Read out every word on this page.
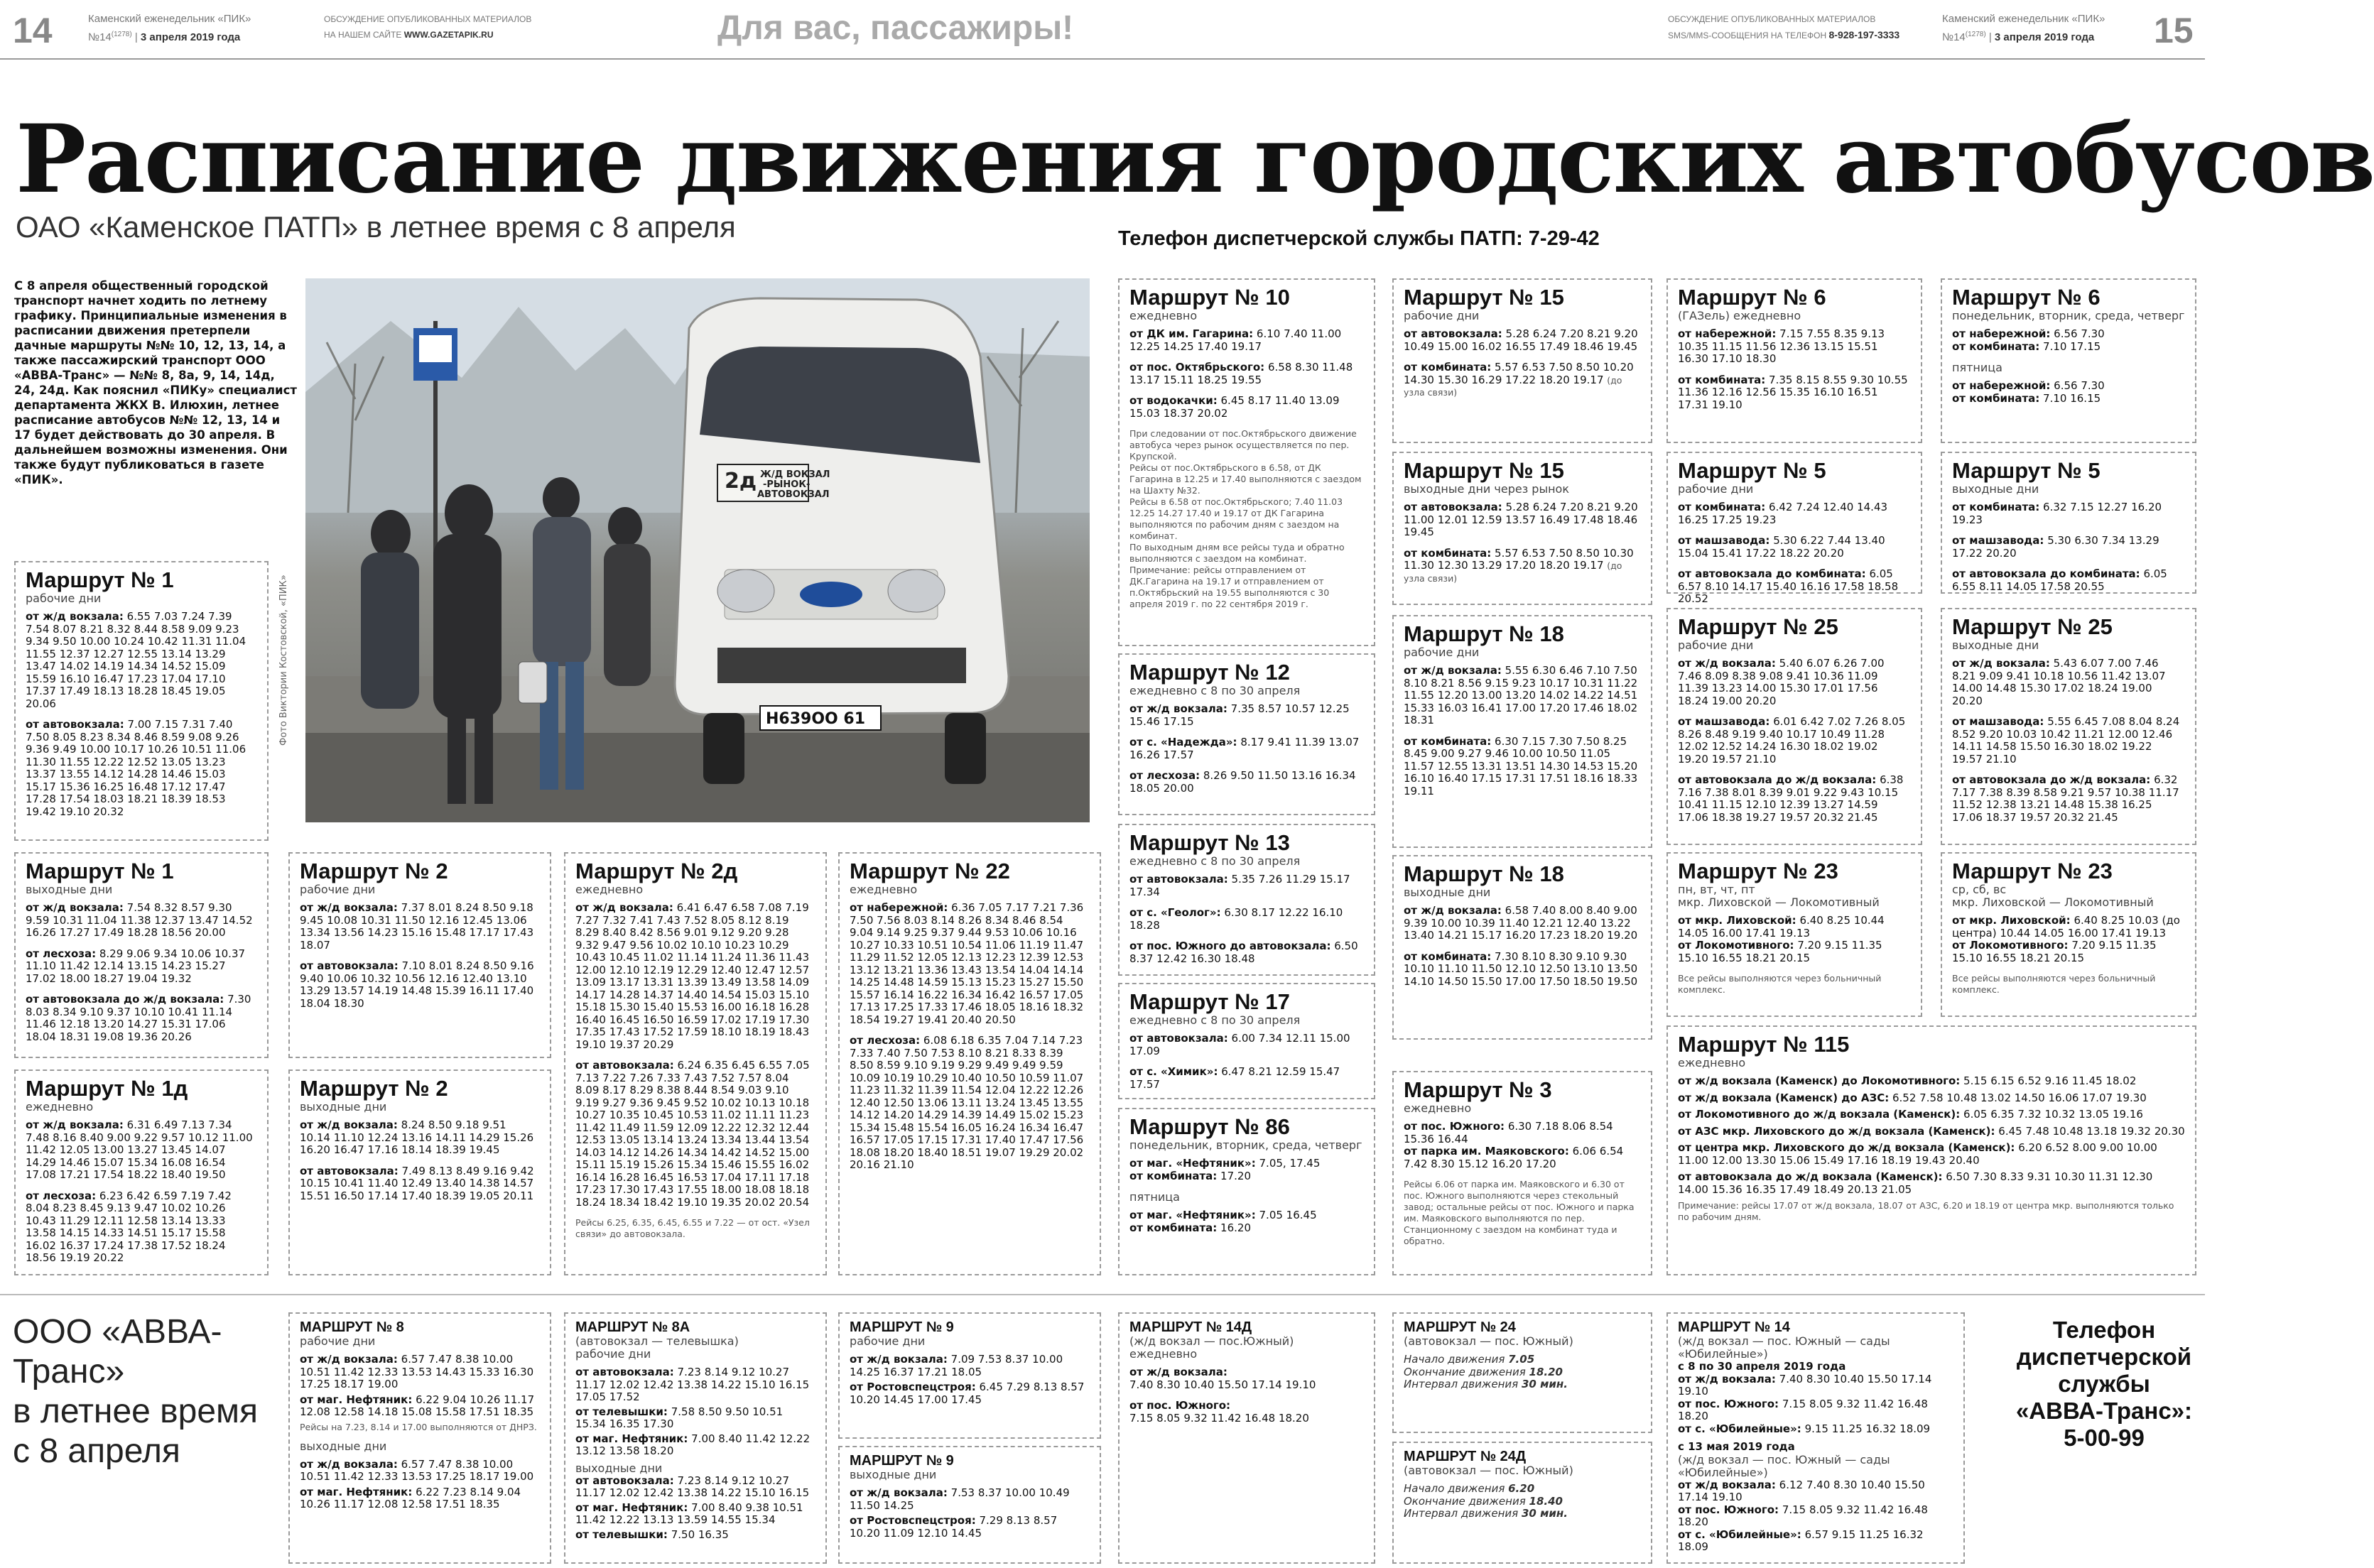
14	Каменский еженедельник «ПИК»
$№14^{(1278)}$ | 3 апреля 2019 года
ОБСУЖДЕНИЕ ОПУБЛИКОВАННЫХ МАТЕРИАЛОВ
НА НАШЕМ САЙТЕ WWW.GAZETAPIK.RU	Для вас, пассажиры!	ОБСУЖДЕНИЕ ОПУБЛИКОВАННЫХ МАТЕРИАЛОВ
SMS/MMS-СООБЩЕНИЯ НА ТЕЛЕФОН 8-928-197-3333
Каменский еженедельник «ПИК»
$№14^{(1278)}$ | 3 апреля 2019 года	15
Расписание движения городских автобусов
ОАО «Каменское ПАТП» в летнее время с 8 апреля	Телефон диспетчерской службы ПАТП: 7-29-42
С 8 апреля общественный городской транспорт начнет ходить по летнему графику. Принципиальные изменения в расписании движения претерпели дачные маршруты №№ 10, 12, 13, 14, а также пассажирский транспорт ООО «АВВА-Транс» — №№ 8, 8а, 9, 14, 14д, 24, 24д. Как пояснил «ПИКу» специалист департамента ЖКХ В. Илюхин, летнее расписание автобусов №№ 12, 13, 14 и 17 будет действовать до 30 апреля. В дальнейшем возможны изменения. Они также будут публиковаться в газете «ПИК».	2д Ж/Д ВОКЗАЛ
-РЫНОК-
АВТОВОКЗАЛ
Н639ОО 61
Фото Виктории Костовской, «ПИК»
Маршрут № 1
рабочие дни

от ж/д вокзала: 6.55 7.03 7.24 7.39 7.54 8.07 8.21 8.32 8.44 8.58 9.09 9.23 9.34 9.50 10.00 10.24 10.42 11.31 11.04 11.55 12.37 12.27 12.55 13.14 13.29 13.47 14.02 14.19 14.34 14.52 15.09 15.59 16.10 16.47 17.23 17.04 17.10 17.37 17.49 18.13 18.28 18.45 19.05 20.06

от автовокзала: 7.00 7.15 7.31 7.40 7.50 8.05 8.23 8.34 8.46 8.59 9.08 9.26 9.36 9.49 10.00 10.17 10.26 10.51 11.06 11.30 11.55 12.22 12.52 13.05 13.23 13.37 13.55 14.12 14.28 14.46 15.03 15.17 15.36 16.25 16.48 17.12 17.47 17.28 17.54 18.03 18.21 18.39 18.53 19.42 19.10 20.32

Маршрут № 1
выходные дни

от ж/д вокзала: 7.54 8.32 8.57 9.30 9.59 10.31 11.04 11.38 12.37 13.47 14.52 16.26 17.27 17.49 18.28 18.56 20.00

от лесхоза: 8.29 9.06 9.34 10.06 10.37 11.10 11.42 12.14 13.15 14.23 15.27 17.02 18.00 18.27 19.04 19.32

от автовокзала до ж/д вокзала: 7.30 8.03 8.34 9.10 9.37 10.10 10.41 11.14 11.46 12.18 13.20 14.27 15.31 17.06 18.04 18.31 19.08 19.36 20.26

Маршрут № 1д
ежедневно

от ж/д вокзала: 6.31 6.49 7.13 7.34 7.48 8.16 8.40 9.00 9.22 9.57 10.12 11.00 11.42 12.05 13.00 13.27 13.45 14.07 14.29 14.46 15.07 15.34 16.08 16.54 17.08 17.21 17.54 18.22 18.40 19.50

от лесхоза: 6.23 6.42 6.59 7.19 7.42 8.04 8.23 8.45 9.13 9.47 10.02 10.26 10.43 11.29 12.11 12.58 13.14 13.33 13.58 14.15 14.33 14.51 15.17 15.58 16.02 16.37 17.24 17.38 17.52 18.24 18.56 19.19 20.22

Маршрут № 2
рабочие дни

от ж/д вокзала: 7.37 8.01 8.24 8.50 9.18 9.45 10.08 10.31 11.50 12.16 12.45 13.06 13.34 13.56 14.23 15.16 15.48 17.17 17.43 18.07

от автовокзала: 7.10 8.01 8.24 8.50 9.16 9.40 10.06 10.32 10.56 12.16 12.40 13.10 13.29 13.57 14.19 14.48 15.39 16.11 17.40 18.04 18.30

Маршрут № 2
выходные дни

от ж/д вокзала: 8.24 8.50 9.18 9.51 10.14 11.10 12.24 13.16 14.11 14.29 15.26 16.20 16.47 17.16 18.14 18.39 19.45

от автовокзала: 7.49 8.13 8.49 9.16 9.42 10.15 10.41 11.40 12.49 13.40 14.38 14.57 15.51 16.50 17.14 17.40 18.39 19.05 20.11

Маршрут № 2д
ежедневно

от ж/д вокзала: 6.41 6.47 6.58 7.08 7.19 7.27 7.32 7.41 7.43 7.52 8.05 8.12 8.19 8.29 8.40 8.42 8.56 9.01 9.12 9.20 9.28 9.32 9.47 9.56 10.02 10.10 10.23 10.29 10.43 10.45 11.02 11.14 11.24 11.36 11.43 12.00 12.10 12.19 12.29 12.40 12.47 12.57 13.09 13.17 13.31 13.39 13.49 13.58 14.09 14.17 14.28 14.37 14.40 14.54 15.03 15.10 15.18 15.30 15.40 15.53 16.00 16.18 16.28 16.40 16.45 16.50 16.59 17.02 17.19 17.30 17.35 17.43 17.52 17.59 18.10 18.19 18.43 19.10 19.37 20.29

от автовокзала: 6.24 6.35 6.45 6.55 7.05 7.13 7.22 7.26 7.33 7.43 7.52 7.57 8.04 8.09 8.17 8.29 8.38 8.44 8.54 9.03 9.10 9.19 9.27 9.36 9.45 9.52 10.02 10.13 10.18 10.27 10.35 10.45 10.53 11.02 11.11 11.23 11.42 11.49 11.59 12.09 12.22 12.32 12.44 12.53 13.05 13.14 13.24 13.34 13.44 13.54 14.03 14.12 14.26 14.34 14.42 14.52 15.00 15.11 15.19 15.26 15.34 15.46 15.55 16.02 16.14 16.28 16.45 16.53 17.04 17.11 17.18 17.23 17.30 17.43 17.55 18.00 18.08 18.18 18.24 18.34 18.42 19.10 19.35 20.02 20.54

Рейсы 6.25, 6.35, 6.45, 6.55 и 7.22 — от ост. «Узел связи» до автовокзала.

Маршрут № 22
ежедневно

от набережной: 6.36 7.05 7.17 7.21 7.36 7.50 7.56 8.03 8.14 8.26 8.34 8.46 8.54 9.04 9.14 9.25 9.37 9.44 9.53 10.06 10.16 10.27 10.33 10.51 10.54 11.06 11.19 11.47 11.29 11.52 12.05 12.13 12.23 12.39 12.53 13.12 13.21 13.36 13.43 13.54 14.04 14.14 14.25 14.48 14.59 15.13 15.23 15.27 15.50 15.57 16.14 16.22 16.34 16.42 16.57 17.05 17.13 17.25 17.33 17.46 18.05 18.16 18.32 18.54 19.27 19.41 20.40 20.50

от лесхоза: 6.08 6.18 6.35 7.04 7.14 7.23 7.33 7.40 7.50 7.53 8.10 8.21 8.33 8.39 8.50 8.59 9.10 9.19 9.29 9.49 9.49 9.59 10.09 10.19 10.29 10.40 10.50 10.59 11.07 11.23 11.32 11.39 11.54 12.04 12.22 12.26 12.40 12.50 13.06 13.11 13.24 13.45 13.55 14.12 14.20 14.29 14.39 14.49 15.02 15.23 15.34 15.48 15.54 16.05 16.24 16.34 16.47 16.57 17.05 17.15 17.31 17.40 17.47 17.56 18.08 18.20 18.40 18.51 19.07 19.29 20.02 20.16 21.10

Маршрут № 10
ежедневно

от ДК им. Гагарина: 6.10 7.40 11.00 12.25 14.25 17.40 19.17

от пос. Октябрьского: 6.58 8.30 11.48 13.17 15.11 18.25 19.55

от водокачки: 6.45 8.17 11.40 13.09 15.03 18.37 20.02

При следовании от пос.Октябрьского движение автобуса через рынок осуществляется по пер. Крупской.
Рейсы от пос.Октябрьского в 6.58, от ДК Гагарина в 12.25 и 17.40 выполняются с заездом на Шахту №32.
Рейсы в 6.58 от пос.Октябрьского; 7.40 11.03 12.25 14.27 17.40 и 19.17 от ДК Гагарина выполняются по рабочим дням с заездом на комбинат.
По выходным дням все рейсы туда и обратно выполняются с заездом на комбинат.
Примечание: рейсы отправлением от ДК.Гагарина на 19.17 и отправлением от п.Октябрьский на 19.55 выполняются с 30 апреля 2019 г. по 22 сентября 2019 г.
Маршрут № 12
ежедневно с 8 по 30 апреля

от ж/д вокзала: 7.35 8.57 10.57 12.25 15.46 17.15

от с. «Надежда»: 8.17 9.41 11.39 13.07 16.26 17.57

от лесхоза: 8.26 9.50 11.50 13.16 16.34 18.05 20.00

Маршрут № 13
ежедневно с 8 по 30 апреля

от автовокзала: 5.35 7.26 11.29 15.17 17.34

от с. «Геолог»: 6.30 8.17 12.22 16.10 18.28

от пос. Южного до автовокзала: 6.50 8.37 12.42 16.30 18.48

Маршрут № 17
ежедневно с 8 по 30 апреля

от автовокзала: 6.00 7.34 12.11 15.00 17.09

от с. «Химик»: 6.47 8.21 12.59 15.47 17.57

Маршрут № 86
понедельник, вторник, среда, четверг

от маг. «Нефтяник»: 7.05, 17.45
от комбината: 17.20

пятница

от маг. «Нефтяник»: 7.05 16.45
от комбината: 16.20

Маршрут № 15
рабочие дни

от автовокзала: 5.28 6.24 7.20 8.21 9.20 10.49 15.00 16.02 16.55 17.49 18.46 19.45

от комбината: 5.57 6.53 7.50 8.50 10.20 14.30 15.30 16.29 17.22 18.20 19.17 (до узла связи)

Маршрут № 15
выходные дни через рынок

от автовокзала: 5.28 6.24 7.20 8.21 9.20 11.00 12.01 12.59 13.57 16.49 17.48 18.46 19.45

от комбината: 5.57 6.53 7.50 8.50 10.30 11.30 12.30 13.29 17.20 18.20 19.17 (до узла связи)

Маршрут № 18
рабочие дни

от ж/д вокзала: 5.55 6.30 6.46 7.10 7.50 8.10 8.21 8.56 9.15 9.23 10.17 10.31 11.22 11.55 12.20 13.00 13.20 14.02 14.22 14.51 15.33 16.03 16.41 17.00 17.20 17.46 18.02 18.31

от комбината: 6.30 7.15 7.30 7.50 8.25 8.45 9.00 9.27 9.46 10.00 10.50 11.05 11.57 12.55 13.31 13.51 14.30 14.53 15.20 16.10 16.40 17.15 17.31 17.51 18.16 18.33 19.11

Маршрут № 18
выходные дни

от ж/д вокзала: 6.58 7.40 8.00 8.40 9.00 9.39 10.00 10.39 11.40 12.21 12.40 13.22 13.40 14.21 15.17 16.20 17.23 18.20 19.20

от комбината: 7.30 8.10 8.30 9.10 9.30 10.10 11.10 11.50 12.10 12.50 13.10 13.50 14.10 14.50 15.50 17.00 17.50 18.50 19.50

Маршрут № 3
ежедневно

от пос. Южного: 6.30 7.18 8.06 8.54 15.36 16.44
от парка им. Маяковского: 6.06 6.54 7.42 8.30 15.12 16.20 17.20

Рейсы 6.06 от парка им. Маяковского и 6.30 от пос. Южного выполняются через стекольный завод; остальные рейсы от пос. Южного и парка им. Маяковского выполняются по пер. Станционному с заездом на комбинат туда и обратно.
Маршрут № 6
(ГАЗель) ежедневно

от набережной: 7.15 7.55 8.35 9.13 10.35 11.15 11.56 12.36 13.15 15.51 16.30 17.10 18.30

от комбината: 7.35 8.15 8.55 9.30 10.55 11.36 12.16 12.56 15.35 16.10 16.51 17.31 19.10

Маршрут № 5
рабочие дни

от комбината: 6.42 7.24 12.40 14.43 16.25 17.25 19.23

от машзавода: 5.30 6.22 7.44 13.40 15.04 15.41 17.22 18.22 20.20

от автовокзала до комбината: 6.05 6.57 8.10 14.17 15.40 16.16 17.58 18.58 20.52

Маршрут № 25
рабочие дни

от ж/д вокзала: 5.40 6.07 6.26 7.00 7.46 8.09 8.38 9.08 9.41 10.36 11.09 11.39 13.23 14.00 15.30 17.01 17.56 18.24 19.00 20.20

от машзавода: 6.01 6.42 7.02 7.26 8.05 8.26 8.48 9.19 9.40 10.17 10.49 11.28 12.02 12.52 14.24 16.30 18.02 19.02 19.20 19.57 21.10

от автовокзала до ж/д вокзала: 6.38 7.16 7.38 8.01 8.39 9.01 9.22 9.43 10.15 10.41 11.15 12.10 12.39 13.27 14.59 17.06 18.38 19.27 19.57 20.32 21.45

Маршрут № 23
пн, вт, чт, пт
мкр. Лиховской — Локомотивный

от мкр. Лиховской: 6.40 8.25 10.44 14.05 16.00 17.41 19.13
от Локомотивного: 7.20 9.15 11.35 15.10 16.55 18.21 20.15

Все рейсы выполняются через больничный комплекс.
Маршрут № 6
понедельник, вторник, среда, четверг

от набережной: 6.56 7.30
от комбината: 7.10 17.15

пятница

от набережной: 6.56 7.30
от комбината: 7.10 16.15

Маршрут № 5
выходные дни

от комбината: 6.32 7.15 12.27 16.20 19.23

от машзавода: 5.30 6.30 7.34 13.29 17.22 20.20

от автовокзала до комбината: 6.05 6.55 8.11 14.05 17.58 20.55

Маршрут № 25
выходные дни

от ж/д вокзала: 5.43 6.07 7.00 7.46 8.21 9.09 9.41 10.18 10.56 11.42 13.07 14.00 14.48 15.30 17.02 18.24 19.00 20.20

от машзавода: 5.55 6.45 7.08 8.04 8.24 8.52 9.20 10.03 10.42 11.21 12.00 12.46 14.11 14.58 15.50 16.30 18.02 19.22 19.57 21.10

от автовокзала до ж/д вокзала: 6.32 7.17 7.38 8.39 8.58 9.21 9.57 10.38 11.17 11.52 12.38 13.21 14.48 15.38 16.25 17.06 18.37 19.57 20.32 21.45

Маршрут № 23
ср, сб, вс
мкр. Лиховской — Локомотивный

от мкр. Лиховской: 6.40 8.25 10.03 (до центра) 10.44 14.05 16.00 17.41 19.13
от Локомотивного: 7.20 9.15 11.35 15.10 16.55 18.21 20.15

Все рейсы выполняются через больничный комплекс.
Маршрут № 115
ежедневно

от ж/д вокзала (Каменск) до Локомотивного: 5.15 6.15 6.52 9.16 11.45 18.02

от ж/д вокзала (Каменск) до АЗС: 6.52 7.58 10.48 13.02 14.50 16.06 17.07 19.30

от Локомотивного до ж/д вокзала (Каменск): 6.05 6.35 7.32 10.32 13.05 19.16

от АЗС мкр. Лиховского до ж/д вокзала (Каменск): 6.45 7.48 10.48 13.18 19.32 20.30

от центра мкр. Лиховского до ж/д вокзала (Каменск): 6.20 6.52 8.00 9.00 10.00 11.00 12.00 13.30 15.06 15.49 17.16 18.19 19.43 20.40

от автовокзала до ж/д вокзала (Каменск): 6.50 7.30 8.33 9.31 10.30 11.31 12.30 14.00 15.36 16.35 17.49 18.49 20.13 21.05

Примечание: рейсы 17.07 от ж/д вокзала, 18.07 от АЗС, 6.20 и 18.19 от центра мкр. выполняются только по рабочим дням.
ООО «АВВА-
Транс»
в летнее время
с 8 апреля
МАРШРУТ № 8
рабочие дни

от ж/д вокзала: 6.57 7.47 8.38 10.00 10.51 11.42 12.33 13.53 14.43 15.33 16.30 17.25 18.17 19.00

от маг. Нефтяник: 6.22 9.04 10.26 11.17 12.08 12.58 14.18 15.08 15.58 17.51 18.35

Рейсы на 7.23, 8.14 и 17.00 выполняются от ДНРЗ.
выходные дни

от ж/д вокзала: 6.57 7.47 8.38 10.00 10.51 11.42 12.33 13.53 17.25 18.17 19.00

от маг. Нефтяник: 6.22 7.23 8.14 9.04 10.26 11.17 12.08 12.58 17.51 18.35

МАРШРУТ № 8А
(автовокзал — телевышка)
рабочие дни

от автовокзала: 7.23 8.14 9.12 10.27 11.17 12.02 12.42 13.38 14.22 15.10 16.15 17.05 17.52

от телевышки: 7.58 8.50 9.50 10.51 15.34 16.35 17.30

от маг. Нефтяник: 7.00 8.40 11.42 12.22 13.12 13.58 18.20

выходные дни

от автовокзала: 7.23 8.14 9.12 10.27 11.17 12.02 12.42 13.38 14.22 15.10 16.15

от маг. Нефтяник: 7.00 8.40 9.38 10.51 11.42 12.22 13.13 13.59 14.55 15.34

от телевышки: 7.50 16.35

МАРШРУТ № 9
рабочие дни

от ж/д вокзала: 7.09 7.53 8.37 10.00 14.25 16.37 17.21 18.05

от Ростовспецстроя: 6.45 7.29 8.13 8.57 10.20 14.45 17.00 17.45

МАРШРУТ № 9
выходные дни

от ж/д вокзала: 7.53 8.37 10.00 10.49 11.50 14.25

от Ростовспецстроя: 7.29 8.13 8.57 10.20 11.09 12.10 14.45

МАРШРУТ № 14Д
(ж/д вокзал — пос.Южный)
ежедневно

от ж/д вокзала:
7.40 8.30 10.40 15.50 17.14 19.10

от пос. Южного:
7.15 8.05 9.32 11.42 16.48 18.20

МАРШРУТ № 24
(автовокзал — пос. Южный)
Начало движения 7.05
Окончание движения 18.20
Интервал движения 30 мин.
МАРШРУТ № 24Д
(автовокзал — пос. Южный)
Начало движения 6.20
Окончание движения 18.40
Интервал движения 30 мин.
МАРШРУТ № 14
(ж/д вокзал — пос. Южный — сады «Юбилейные»)
с 8 по 30 апреля 2019 года
от ж/д вокзала: 7.40 8.30 10.40 15.50 17.14 19.10
от пос. Южного: 7.15 8.05 9.32 11.42 16.48 18.20
от с. «Юбилейные»: 9.15 11.25 16.32 18.09
с 13 мая 2019 года
(ж/д вокзал — пос. Южный — сады «Юбилейные»)
от ж/д вокзала: 6.12 7.40 8.30 10.40 15.50 17.14 19.10
от пос. Южного: 7.15 8.05 9.32 11.42 16.48 18.20
от с. «Юбилейные»: 6.57 9.15 11.25 16.32 18.09
Телефон диспетчерской службы «АВВА-Транс»: 5-00-99
